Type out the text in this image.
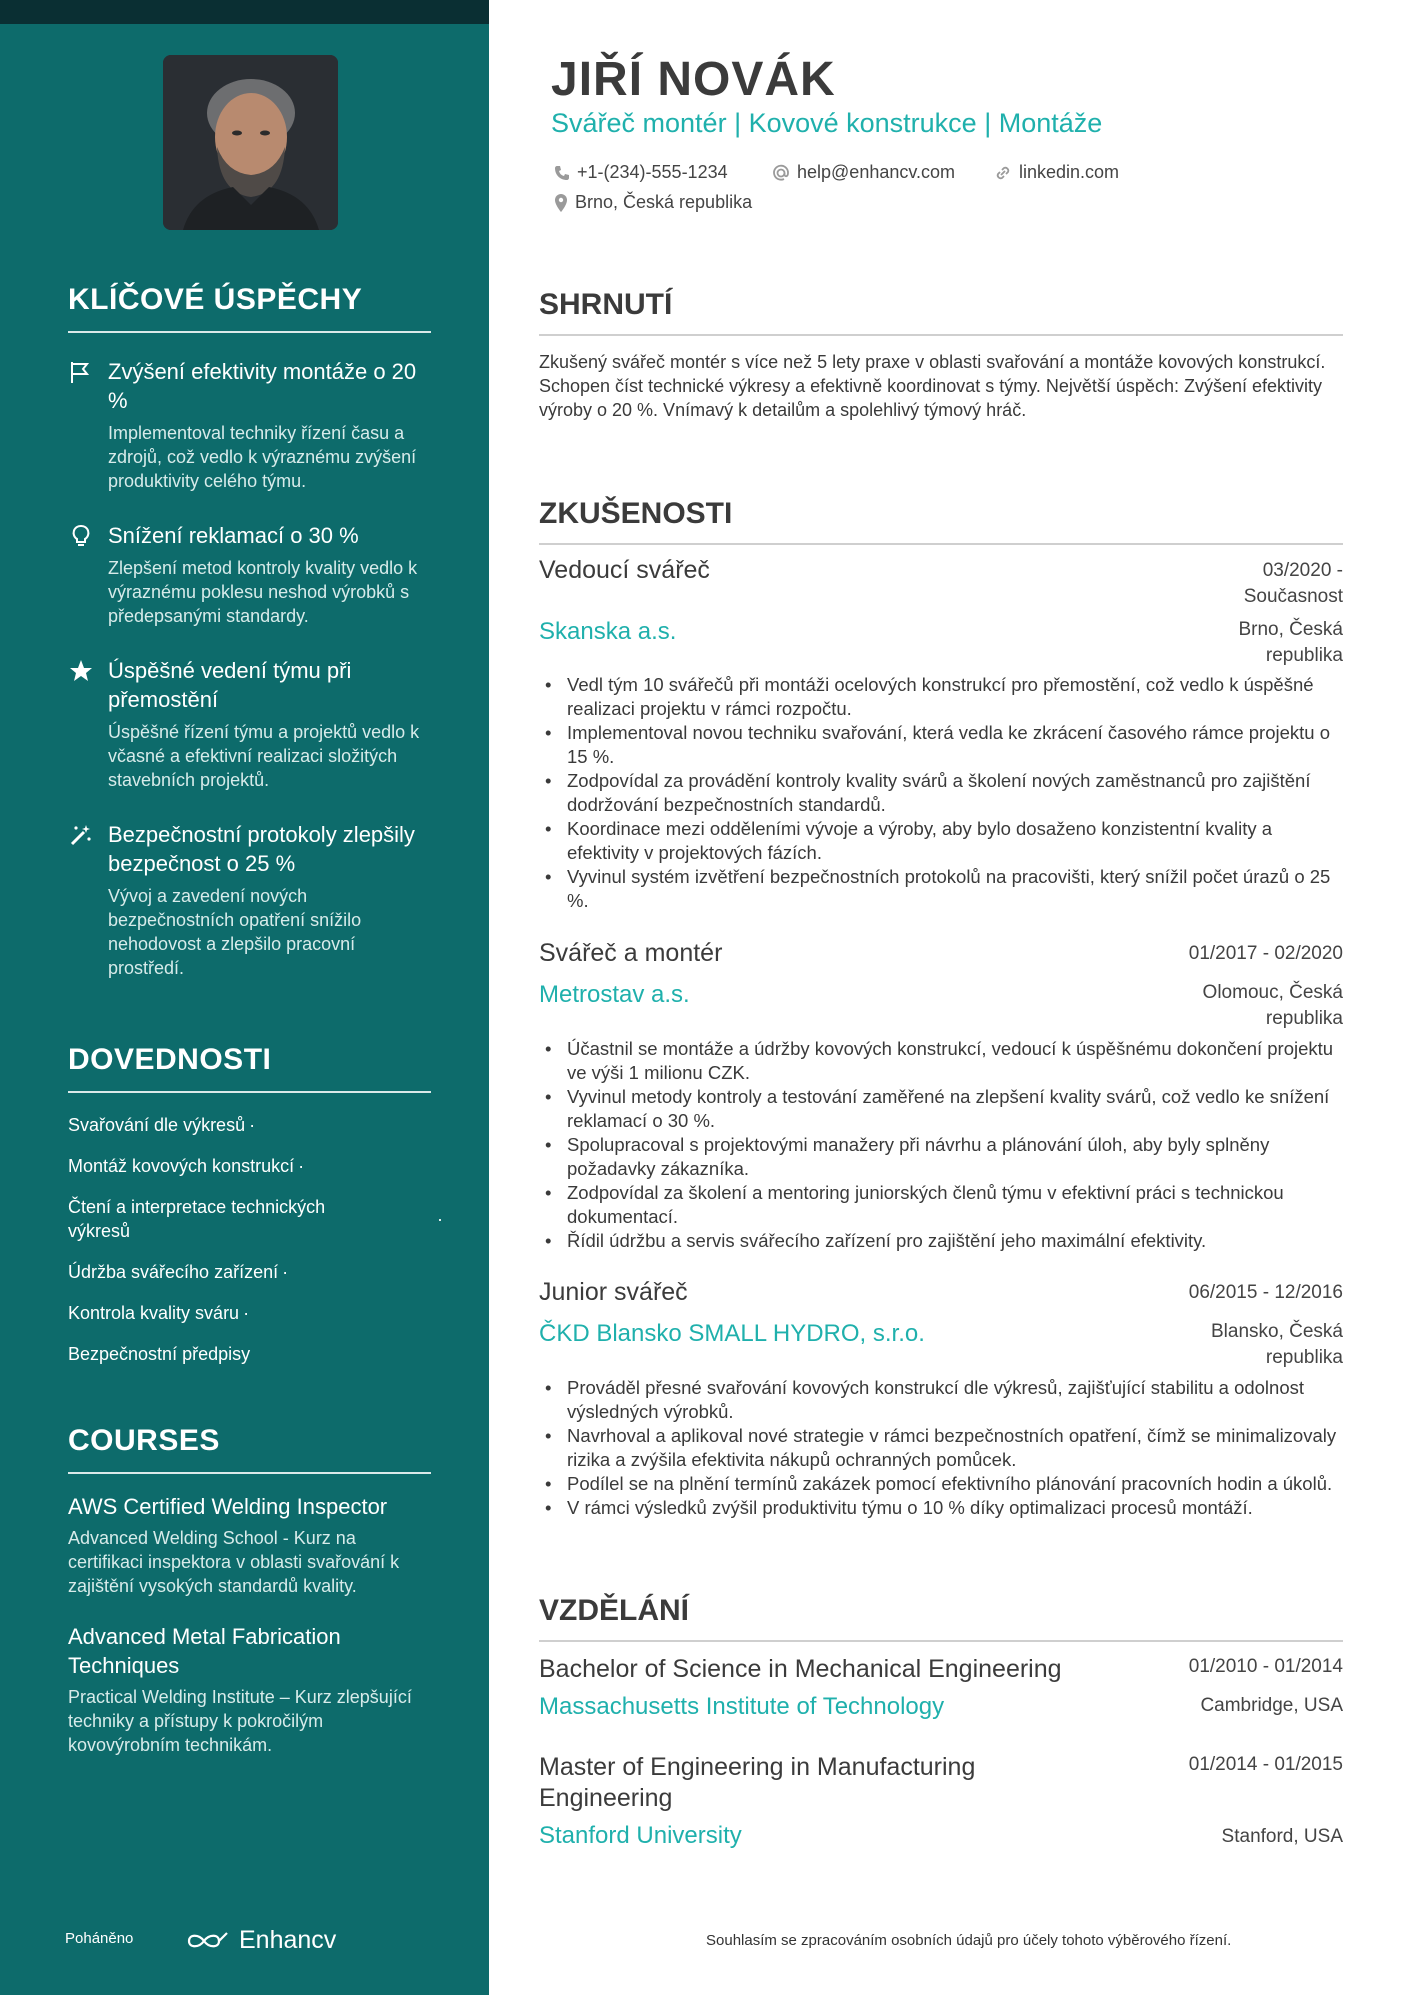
KLÍČOVÉ ÚSPĚCHY
Zvýšení efektivity montáže o 20 %
Implementoval techniky řízení času a zdrojů, což vedlo k výraznému zvýšení produktivity celého týmu.
Snížení reklamací o 30 %
Zlepšení metod kontroly kvality vedlo k výraznému poklesu neshod výrobků s předepsanými standardy.
Úspěšné vedení týmu při přemostění
Úspěšné řízení týmu a projektů vedlo k včasné a efektivní realizaci složitých stavebních projektů.
Bezpečnostní protokoly zlepšily bezpečnost o 25 %
Vývoj a zavedení nových bezpečnostních opatření snížilo nehodovost a zlepšilo pracovní prostředí.
DOVEDNOSTI
Svařování dle výkresů ·
Montáž kovových konstrukcí ·
Čtení a interpretace technických výkresů
·
Údržba svářecího zařízení ·
Kontrola kvality sváru ·
Bezpečnostní předpisy
COURSES
AWS Certified Welding Inspector
Advanced Welding School - Kurz na certifikaci inspektora v oblasti svařování k zajištění vysokých standardů kvality.
Advanced Metal Fabrication Techniques
Practical Welding Institute – Kurz zlepšující techniky a přístupy k pokročilým kovovýrobním technikám.
Poháněno	Enhancv
JIŘÍ NOVÁK
Svářeč montér | Kovové konstrukce | Montáže
+1-(234)-555-1234	help@enhancv.com	linkedin.com
Brno, Česká republika
SHRNUTÍ

Zkušený svářeč montér s více než 5 lety praxe v oblasti svařování a montáže kovových konstrukcí. Schopen číst technické výkresy a efektivně koordinovat s týmy. Největší úspěch: Zvýšení efektivity výroby o 20 %. Vnímavý k detailům a spolehlivý týmový hráč.

ZKUŠENOSTI
Vedoucí svářeč	03/2020 -
Současnost
Skanska a.s.	Brno, Česká
republika
• Vedl tým 10 svářečů při montáži ocelových konstrukcí pro přemostění, což vedlo k úspěšné realizaci projektu v rámci rozpočtu.
• Implementoval novou techniku svařování, která vedla ke zkrácení časového rámce projektu o 15 %.
• Zodpovídal za provádění kontroly kvality svárů a školení nových zaměstnanců pro zajištění dodržování bezpečnostních standardů.
• Koordinace mezi odděleními vývoje a výroby, aby bylo dosaženo konzistentní kvality a efektivity v projektových fázích.
• Vyvinul systém izvětření bezpečnostních protokolů na pracovišti, který snížil počet úrazů o 25 %.
Svářeč a montér	01/2017 - 02/2020
Metrostav a.s.	Olomouc, Česká
republika
• Účastnil se montáže a údržby kovových konstrukcí, vedoucí k úspěšnému dokončení projektu ve výši 1 milionu CZK.
• Vyvinul metody kontroly a testování zaměřené na zlepšení kvality svárů, což vedlo ke snížení reklamací o 30 %.
• Spolupracoval s projektovými manažery při návrhu a plánování úloh, aby byly splněny požadavky zákazníka.
• Zodpovídal za školení a mentoring juniorských členů týmu v efektivní práci s technickou dokumentací.
• Řídil údržbu a servis svářecího zařízení pro zajištění jeho maximální efektivity.
Junior svářeč	06/2015 - 12/2016
ČKD Blansko SMALL HYDRO, s.r.o.	Blansko, Česká
republika
• Prováděl přesné svařování kovových konstrukcí dle výkresů, zajišťující stabilitu a odolnost výsledných výrobků.
• Navrhoval a aplikoval nové strategie v rámci bezpečnostních opatření, čímž se minimalizovaly rizika a zvýšila efektivita nákupů ochranných pomůcek.
• Podílel se na plnění termínů zakázek pomocí efektivního plánování pracovních hodin a úkolů.
• V rámci výsledků zvýšil produktivitu týmu o 10 % díky optimalizaci procesů montáží.
VZDĚLÁNÍ
Bachelor of Science in Mechanical Engineering	01/2010 - 01/2014
Massachusetts Institute of Technology	Cambridge, USA
Master of Engineering in Manufacturing Engineering
01/2014 - 01/2015
Stanford University	Stanford, USA
Souhlasím se zpracováním osobních údajů pro účely tohoto výběrového řízení.
